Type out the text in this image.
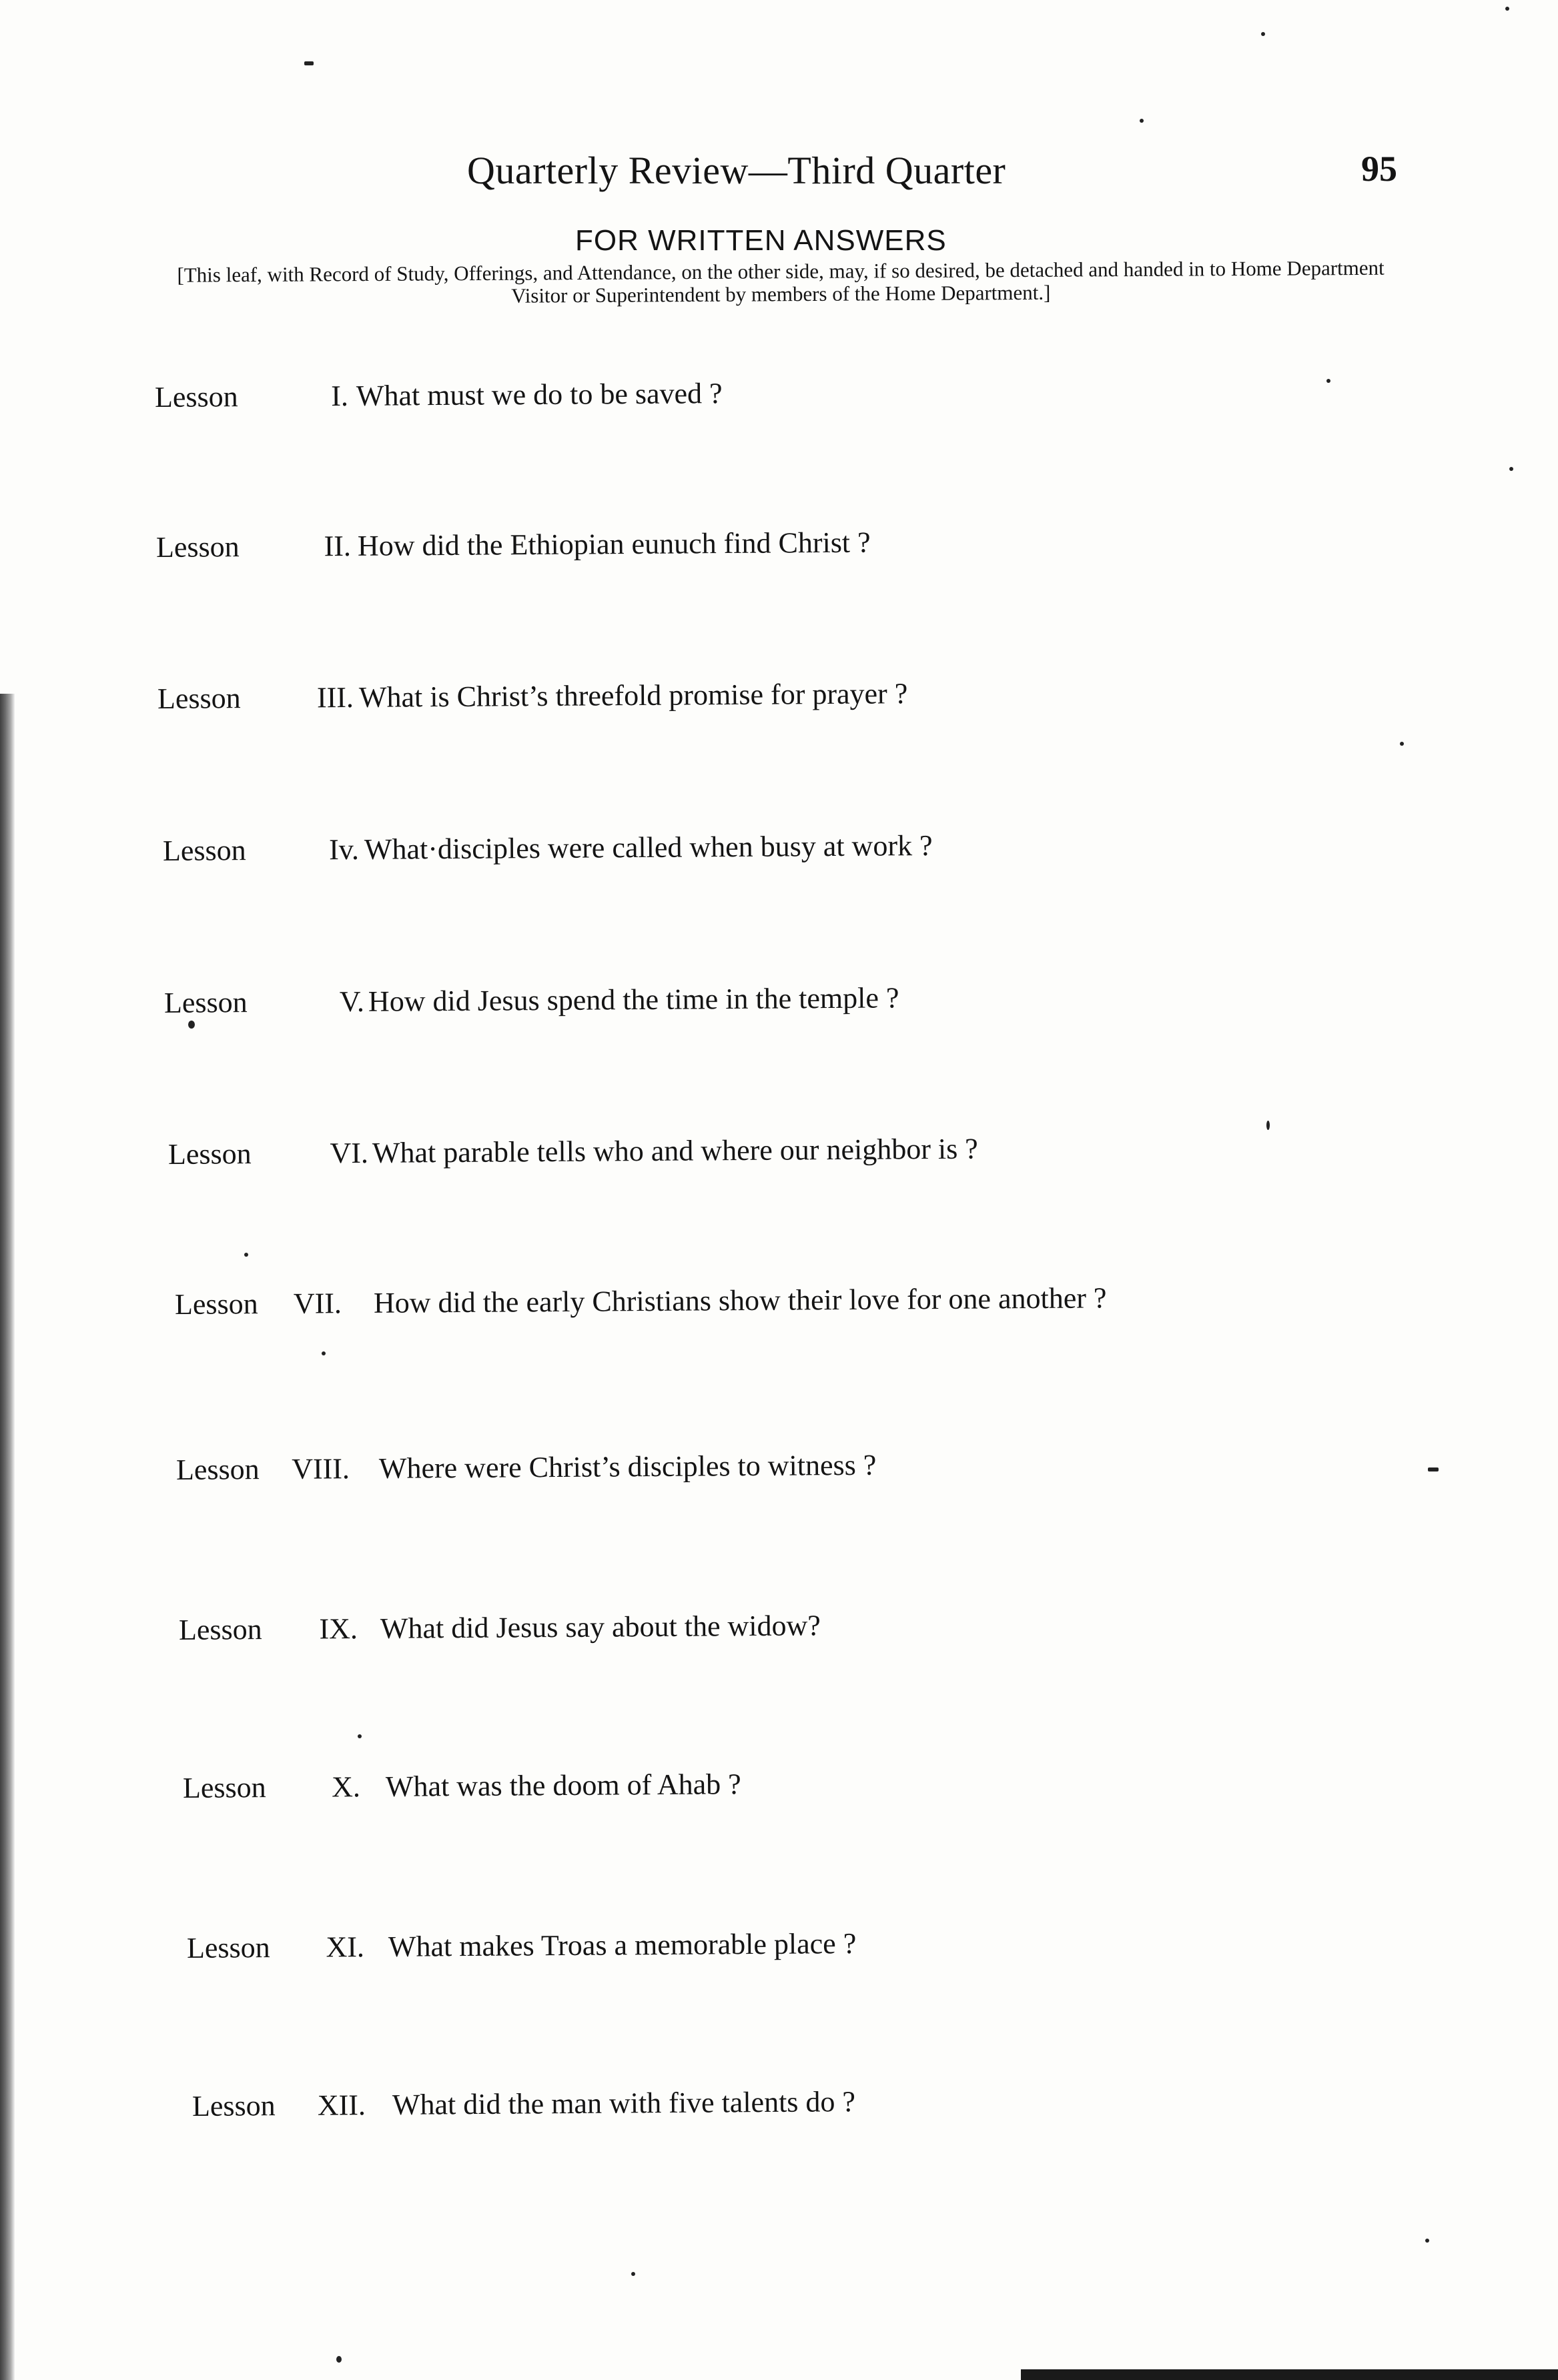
Quarterly Review—Third Quarter	95
FOR WRITTEN ANSWERS
[This leaf, with Record of Study, Offerings, and Attendance, on the other side, may, if so desired, be detached and handed in to Home Department Visitor or Superintendent by members of the Home Department.]
Lesson	I. What must we do to be saved ?
Lesson	II. How did the Ethiopian eunuch find Christ ?
Lesson	III. What is Christ’s threefold promise for prayer ?
Lesson	Iv. What·disciples were called when busy at work ?
Lesson	V. How did Jesus spend the time in the temple ?
Lesson	VI. What parable tells who and where our neighbor is ?
Lesson	VII. How did the early Christians show their love for one another ?
Lesson	VIII. Where were Christ’s disciples to witness ?
Lesson	IX. What did Jesus say about the widow?
Lesson	X. What was the doom of Ahab ?
Lesson	XI. What makes Troas a memorable place ?
Lesson	XII. What did the man with five talents do ?
